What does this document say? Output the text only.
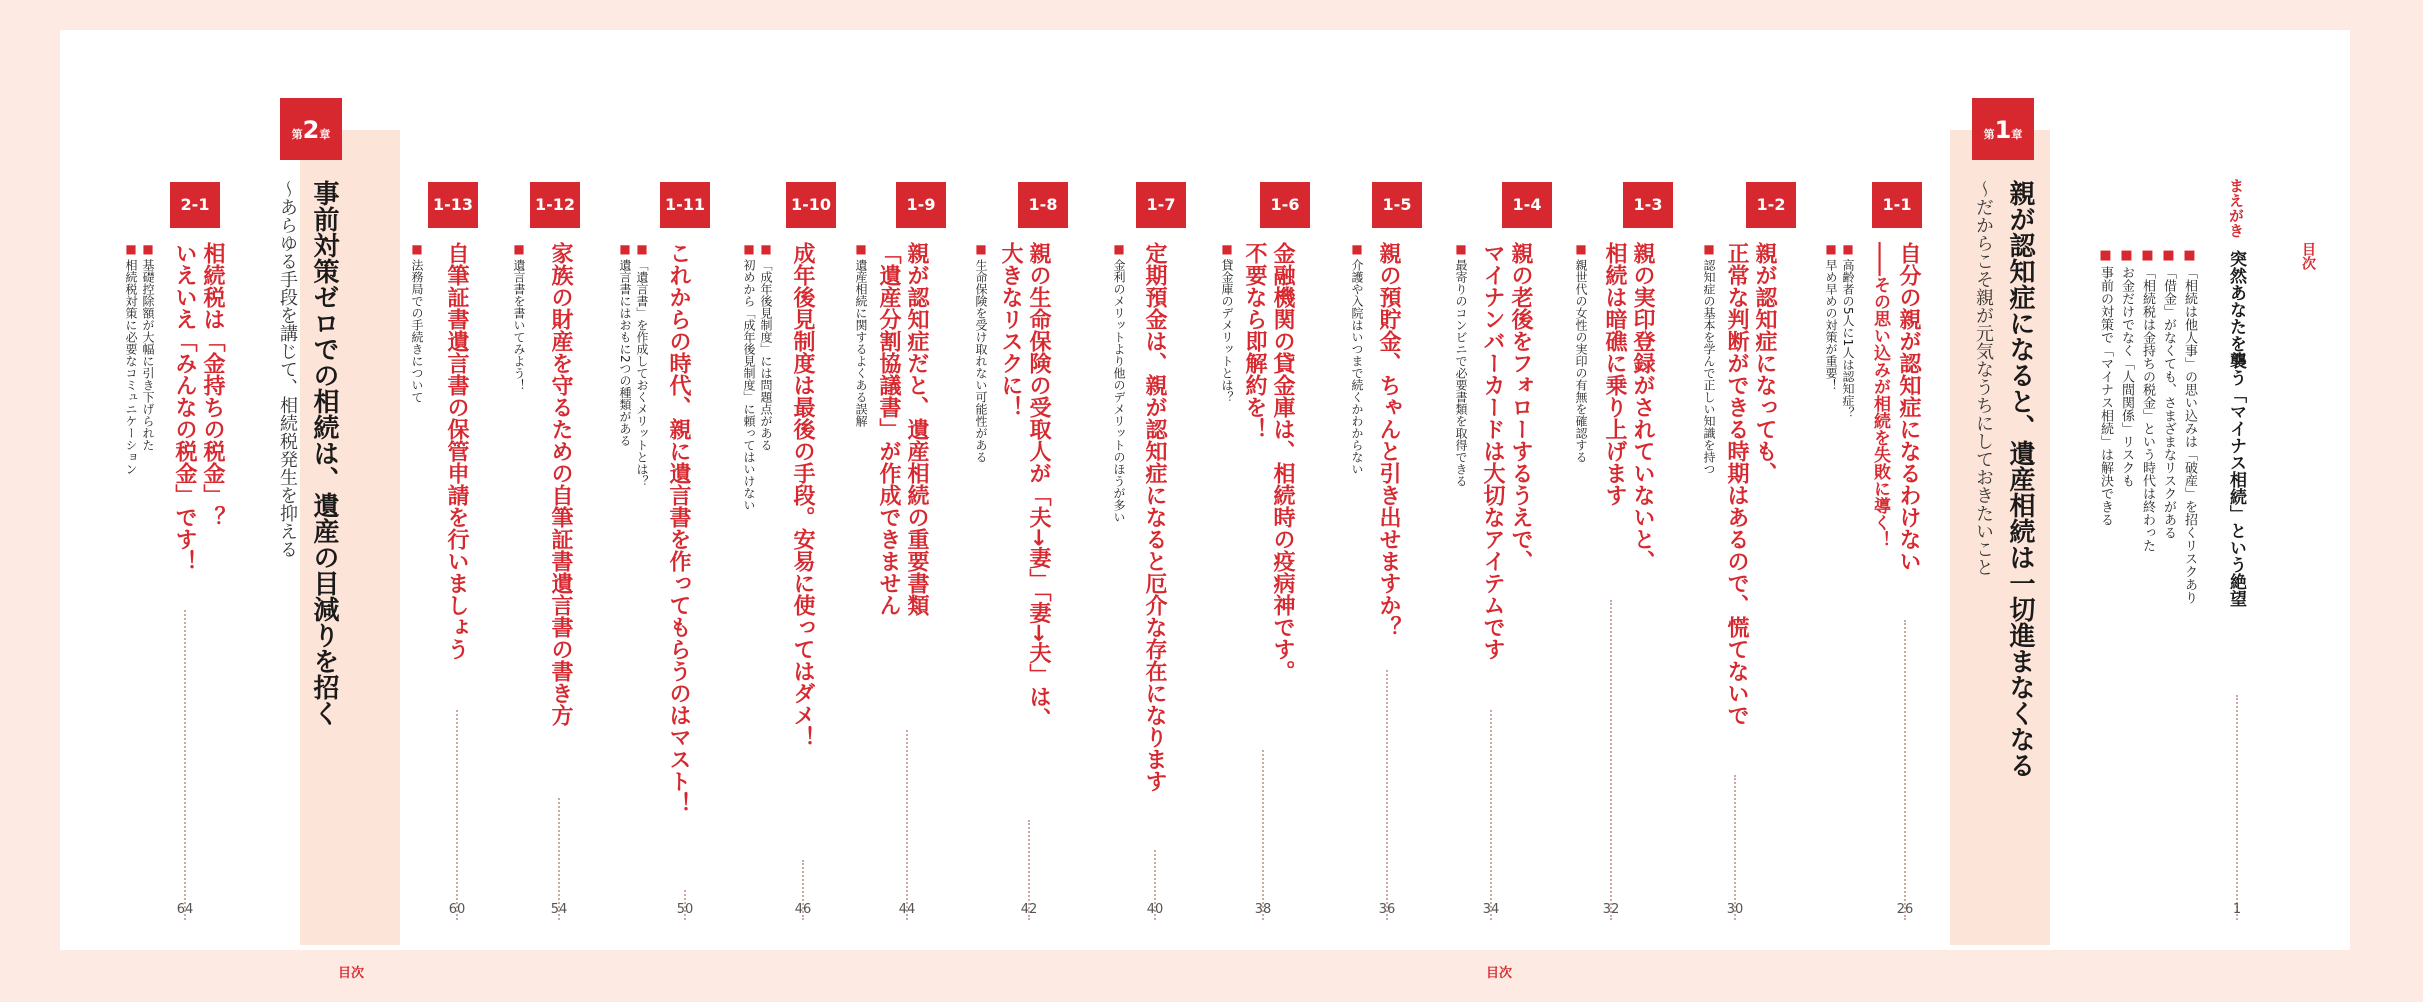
目次
まえがき
突然あなたを襲う「マイナス相続」という絶望
■ 「相続は他人事」の思い込みは「破産」を招くリスクあり
■ 「借金」がなくても、さまざまなリスクがある
■ 「相続税は金持ちの税金」という時代は終わった
■ お金だけでなく「人間関係」リスクも
■ 事前の対策で「マイナス相続」は解決できる
1
第1章
親が認知症になると、遺産相続は一切進まなくなる
～だからこそ親が元気なうちにしておきたいこと
1-1
自分の親が認知症になるわけない
――その思い込みが相続を失敗に導く！
■ 高齢者の5人に1人は認知症？
■ 早め早めの対策が重要！
26
1-2
親が認知症になっても、
正常な判断ができる時期はあるので、慌てないで
■ 認知症の基本を学んで正しい知識を持つ
30
1-3
親の実印登録がされていないと、
相続は暗礁に乗り上げます
■ 親世代の女性の実印の有無を確認する
32
1-4
親の老後をフォローするうえで、
マイナンバーカードは大切なアイテムです
■ 最寄りのコンビニで必要書類を取得できる
34
1-5
親の預貯金、ちゃんと引き出せますか？
■ 介護や入院はいつまで続くかわからない
36
1-6
金融機関の貸金庫は、相続時の疫病神です。
不要なら即解約を！
■ 貸金庫のデメリットとは？
38
1-7
定期預金は、親が認知症になると厄介な存在になります
■ 金利のメリットより他のデメリットのほうが多い
40
1-8
親の生命保険の受取人が「夫→妻」「妻→夫」は、
大きなリスクに！
■ 生命保険を受け取れない可能性がある
42
1-9
親が認知症だと、遺産相続の重要書類
「遺産分割協議書」が作成できません
■ 遺産相続に関するよくある誤解
44
1-10
成年後見制度は最後の手段。安易に使ってはダメ！
■ 「成年後見制度」には問題点がある
■ 初めから「成年後見制度」に頼ってはいけない
46
1-11
これからの時代、親に遺言書を作ってもらうのはマスト！
■ 「遺言書」を作成しておくメリットとは？
■ 遺言書にはおもに2つの種類がある
50
1-12
家族の財産を守るための自筆証書遺言書の書き方
■ 遺言書を書いてみよう！
54
1-13
自筆証書遺言書の保管申請を行いましょう
■ 法務局での手続きについて
60
第2章
事前対策ゼロでの相続は、遺産の目減りを招く
～あらゆる手段を講じて、相続税発生を抑える
2-1
相続税は「金持ちの税金」？
いえいえ「みんなの税金」です！
■ 基礎控除額が大幅に引き下げられた
■ 相続税対策に必要なコミュニケーション
64
目次	目次
